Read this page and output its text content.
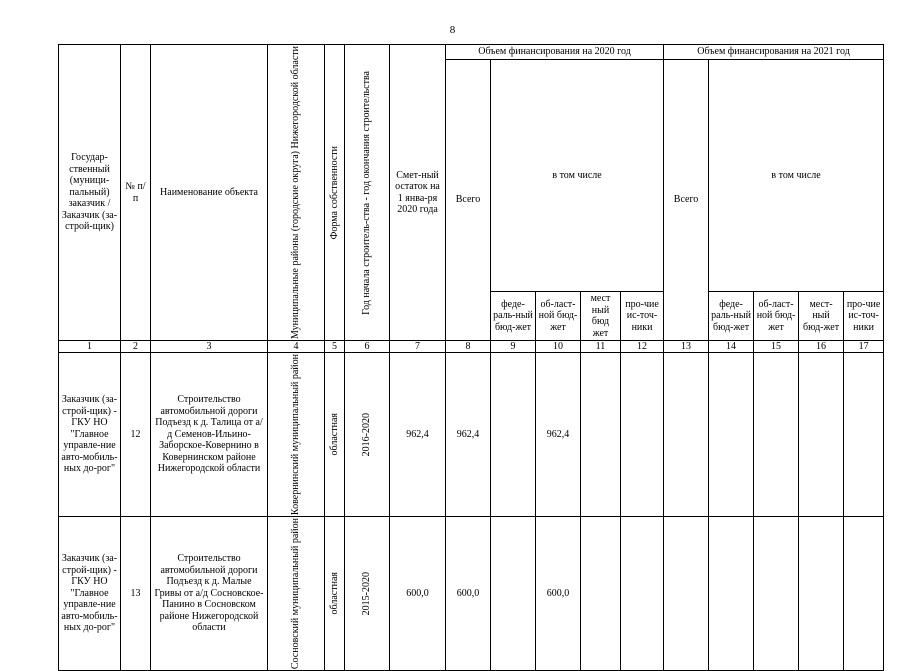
8
Государ-ственный (муници-пальный) заказчик /Заказчик (за-строй-щик)	№ п/п	Наименование объекта	Муниципальные районы (городские округа) Нижегородской области	Форма собственности	Год начала строитель-ства - год окончания строительства	Смет-ный остаток на 1 янва-ря 2020 года	Объем финансирования на 2020 год					Объем финансирования на 2021 год				
							Всего	в том числе				Всего	в том числе			
								феде-раль-ный бюд-жет	об-ласт-ной бюд-жет	мест ный бюд жет	про-чие ис-точ-ники		феде-раль-ный бюд-жет	об-ласт-ной бюд-жет	мест-ный бюд-жет	про-чие ис-точ-ники
1	2	3	4	5	6	7	8	9	10	11	12	13	14	15	16	17
Заказчик (за-строй-щик) - ГКУ НО "Главное управле-ние авто-мобиль-ных до-рог"	12	Строительство автомобильной дороги Подъезд к д. Талица от а/д Семенов-Ильино-Заборское-Ковернино в Ковернинском районе Нижегородской области	Ковернинский муниципальный район	областная	2016-2020	962,4	962,4		962,4							
Заказчик (за-строй-щик) - ГКУ НО "Главное управле-ние авто-мобиль-ных до-рог"	13	Строительство автомобильной дороги Подъезд к д. Малые Гривы от а/д Сосновское-Панино в Сосновском районе Нижегородской области	Сосновский муниципальный район	областная	2015-2020	600,0	600,0		600,0							
